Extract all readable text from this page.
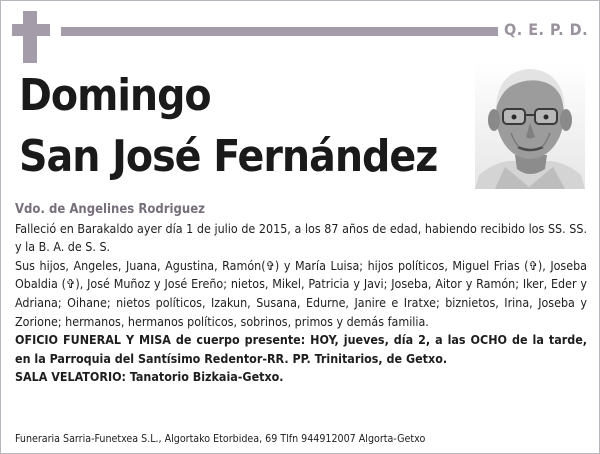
Q. E. P. D.
Domingo
San José Fernández

Vdo. de Angelines Rodriguez

Falleció en Barakaldo ayer día 1 de julio de 2015, a los 87 años de edad, habiendo recibido los SS. SS. y la B. A. de S. S.

Sus hijos, Angeles, Juana, Agustina, Ramón(✞) y María Luisa; hijos políticos, Miguel Frias (✞), Joseba Obaldia (✞), José Muñoz y José Ereño; nietos, Mikel, Patricia y Javi; Joseba, Aitor y Ramón; Iker, Eder y Adriana; Oihane; nietos políticos, Izakun, Susana, Edurne, Janire e Iratxe; biznietos, Irina, Joseba y Zorione; hermanos, hermanos políticos, sobrinos, primos y demás familia.

OFICIO FUNERAL Y MISA de cuerpo presente: HOY, jueves, día 2, a las OCHO de la tarde, en la Parroquia del Santísimo Redentor-RR. PP. Trinitarios, de Getxo.

SALA VELATORIO: Tanatorio Bizkaia-Getxo.

Funeraria Sarria-Funetxea S.L., Algortako Etorbidea, 69 Tlfn 944912007 Algorta-Getxo
